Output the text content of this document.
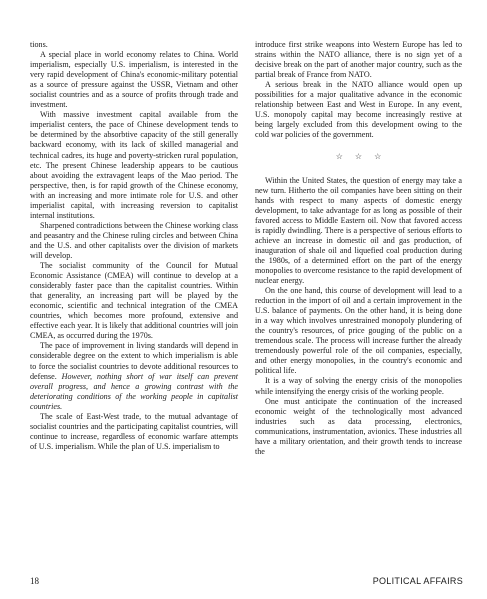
tions.

A special place in world economy relates to China. World imperialism, especially U.S. imperialism, is interested in the very rapid development of China's economic-military potential as a source of pressure against the USSR, Vietnam and other socialist countries and as a source of profits through trade and investment.

With massive investment capital available from the imperialist centers, the pace of Chinese development tends to be determined by the absorbtive capacity of the still generally backward economy, with its lack of skilled managerial and technical cadres, its huge and poverty-stricken rural population, etc. The present Chinese leadership appears to be cautious about avoiding the extravagent leaps of the Mao period. The perspective, then, is for rapid growth of the Chinese economy, with an increasing and more intimate role for U.S. and other imperialist capital, with increasing reversion to capitalist internal institutions.

Sharpened contradictions between the Chinese working class and peasantry and the Chinese ruling circles and between China and the U.S. and other capitalists over the division of markets will develop.

The socialist community of the Council for Mutual Economic Assistance (CMEA) will continue to develop at a considerably faster pace than the capitalist countries. Within that generality, an increasing part will be played by the economic, scientific and technical integration of the CMEA countries, which becomes more profound, extensive and effective each year. It is likely that additional countries will join CMEA, as occurred during the 1970s.

The pace of improvement in living standards will depend in considerable degree on the extent to which imperialism is able to force the socialist countries to devote additional resources to defense. However, nothing short of war itself can prevent overall progress, and hence a growing contrast with the deteriorating conditions of the working people in capitalist countries.

The scale of East-West trade, to the mutual advantage of socialist countries and the participating capitalist countries, will continue to increase, regardless of economic warfare attempts of U.S. imperialism. While the plan of U.S. imperialism to

introduce first strike weapons into Western Europe has led to strains within the NATO alliance, there is no sign yet of a decisive break on the part of another major country, such as the partial break of France from NATO.

A serious break in the NATO alliance would open up possibilities for a major qualitative advance in the economic relationship between East and West in Europe. In any event, U.S. monopoly capital may become increasingly restive at being largely excluded from this development owing to the cold war policies of the government.

☆ ☆ ☆

Within the United States, the question of energy may take a new turn. Hitherto the oil companies have been sitting on their hands with respect to many aspects of domestic energy development, to take advantage for as long as possible of their favored access to Middle Eastern oil. Now that favored access is rapidly dwindling. There is a perspective of serious efforts to achieve an increase in domestic oil and gas production, of inauguration of shale oil and liquefied coal production during the 1980s, of a determined effort on the part of the energy monopolies to overcome resistance to the rapid development of nuclear energy.

On the one hand, this course of development will lead to a reduction in the import of oil and a certain improvement in the U.S. balance of payments. On the other hand, it is being done in a way which involves unrestrained monopoly plundering of the country's resources, of price gouging of the public on a tremendous scale. The process will increase further the already tremendously powerful role of the oil companies, especially, and other energy monopolies, in the country's economic and political life.

It is a way of solving the energy crisis of the monopolies while intensifying the energy crisis of the working people.

One must anticipate the continuation of the increased economic weight of the technologically most advanced industries such as data processing, electronics, communications, instrumentation, avionics. These industries all have a military orientation, and their growth tends to increase the

18	POLITICAL AFFAIRS
